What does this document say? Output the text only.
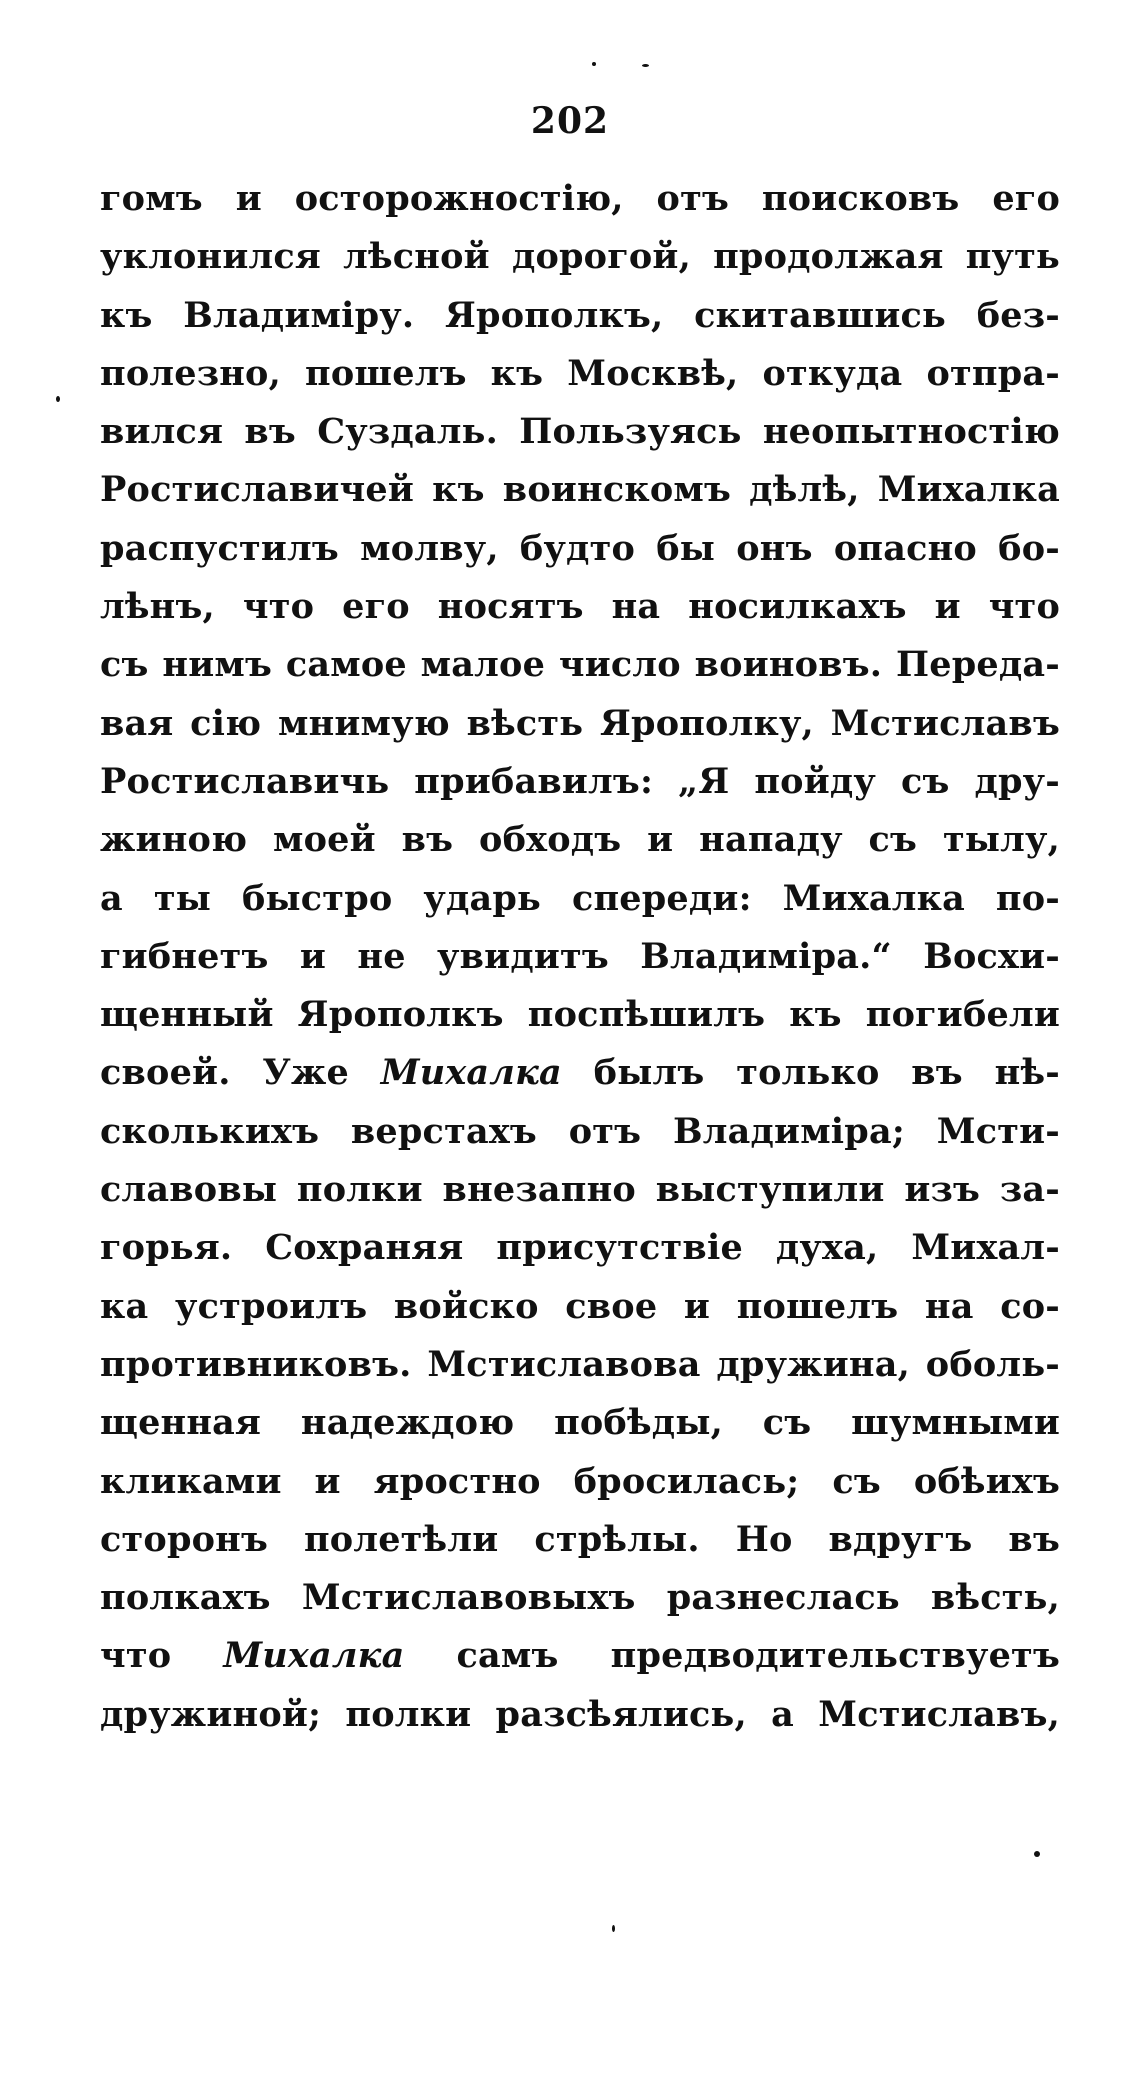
202
гомъ и осторожностію, отъ поисковъ его
уклонился лѣсной дорогой, продолжая путь
къ Владиміру. Ярополкъ, скитавшись без-
полезно, пошелъ къ Москвѣ, откуда отпра-
вился въ Суздаль. Пользуясь неопытностію
Ростиславичей къ воинскомъ дѣлѣ, Михалка
распустилъ молву, будто бы онъ опасно бо-
лѣнъ, что его носятъ на носилкахъ и что
съ нимъ самое малое число воиновъ. Переда-
вая сію мнимую вѣсть Ярополку, Мстиславъ
Ростиславичь прибавилъ: „Я пойду съ дру-
жиною моей въ обходъ и нападу съ тылу,
а ты быстро ударь спереди: Михалка по-
гибнетъ и не увидитъ Владиміра.“ Восхи-
щенный Ярополкъ поспѣшилъ къ погибели
своей. Уже Михалка былъ только въ нѣ-
сколькихъ верстахъ отъ Владиміра; Мсти-
славовы полки внезапно выступили изъ за-
горья. Сохраняя присутствіе духа, Михал-
ка устроилъ войско свое и пошелъ на со-
противниковъ. Мстиславова дружина, оболь-
щенная надеждою побѣды, съ шумными
кликами и яростно бросилась; съ обѣихъ
сторонъ полетѣли стрѣлы. Но вдругъ въ
полкахъ Мстиславовыхъ разнеслась вѣсть,
что Михалка самъ предводительствуетъ
дружиной; полки разсѣялись, а Мстиславъ,
